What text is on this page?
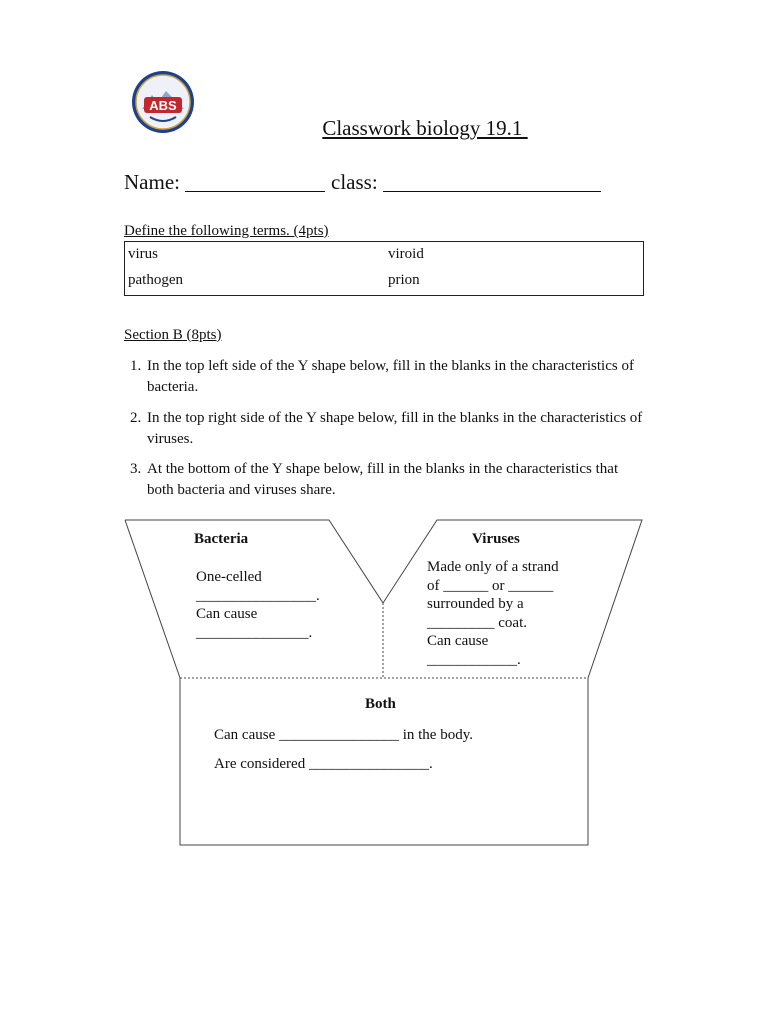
ABS
Classwork biology 19.1
Name:	class:
Define the following terms. (4pts)
virus	viroid
pathogen	prion
Section B (8pts)
1. In the top left side of the Y shape below, fill in the blanks in the characteristics of bacteria.
2. In the top right side of the Y shape below, fill in the blanks in the characteristics of viruses.
3. At the bottom of the Y shape below, fill in the blanks in the characteristics that both bacteria and viruses share.
Bacteria
One-celled
________________.
Can cause
_______________.
Viruses
Made only of a strand
of ______ or ______
surrounded by a
_________ coat.
Can cause
____________.
Both
Can cause ________________ in the body.
Are considered ________________.
